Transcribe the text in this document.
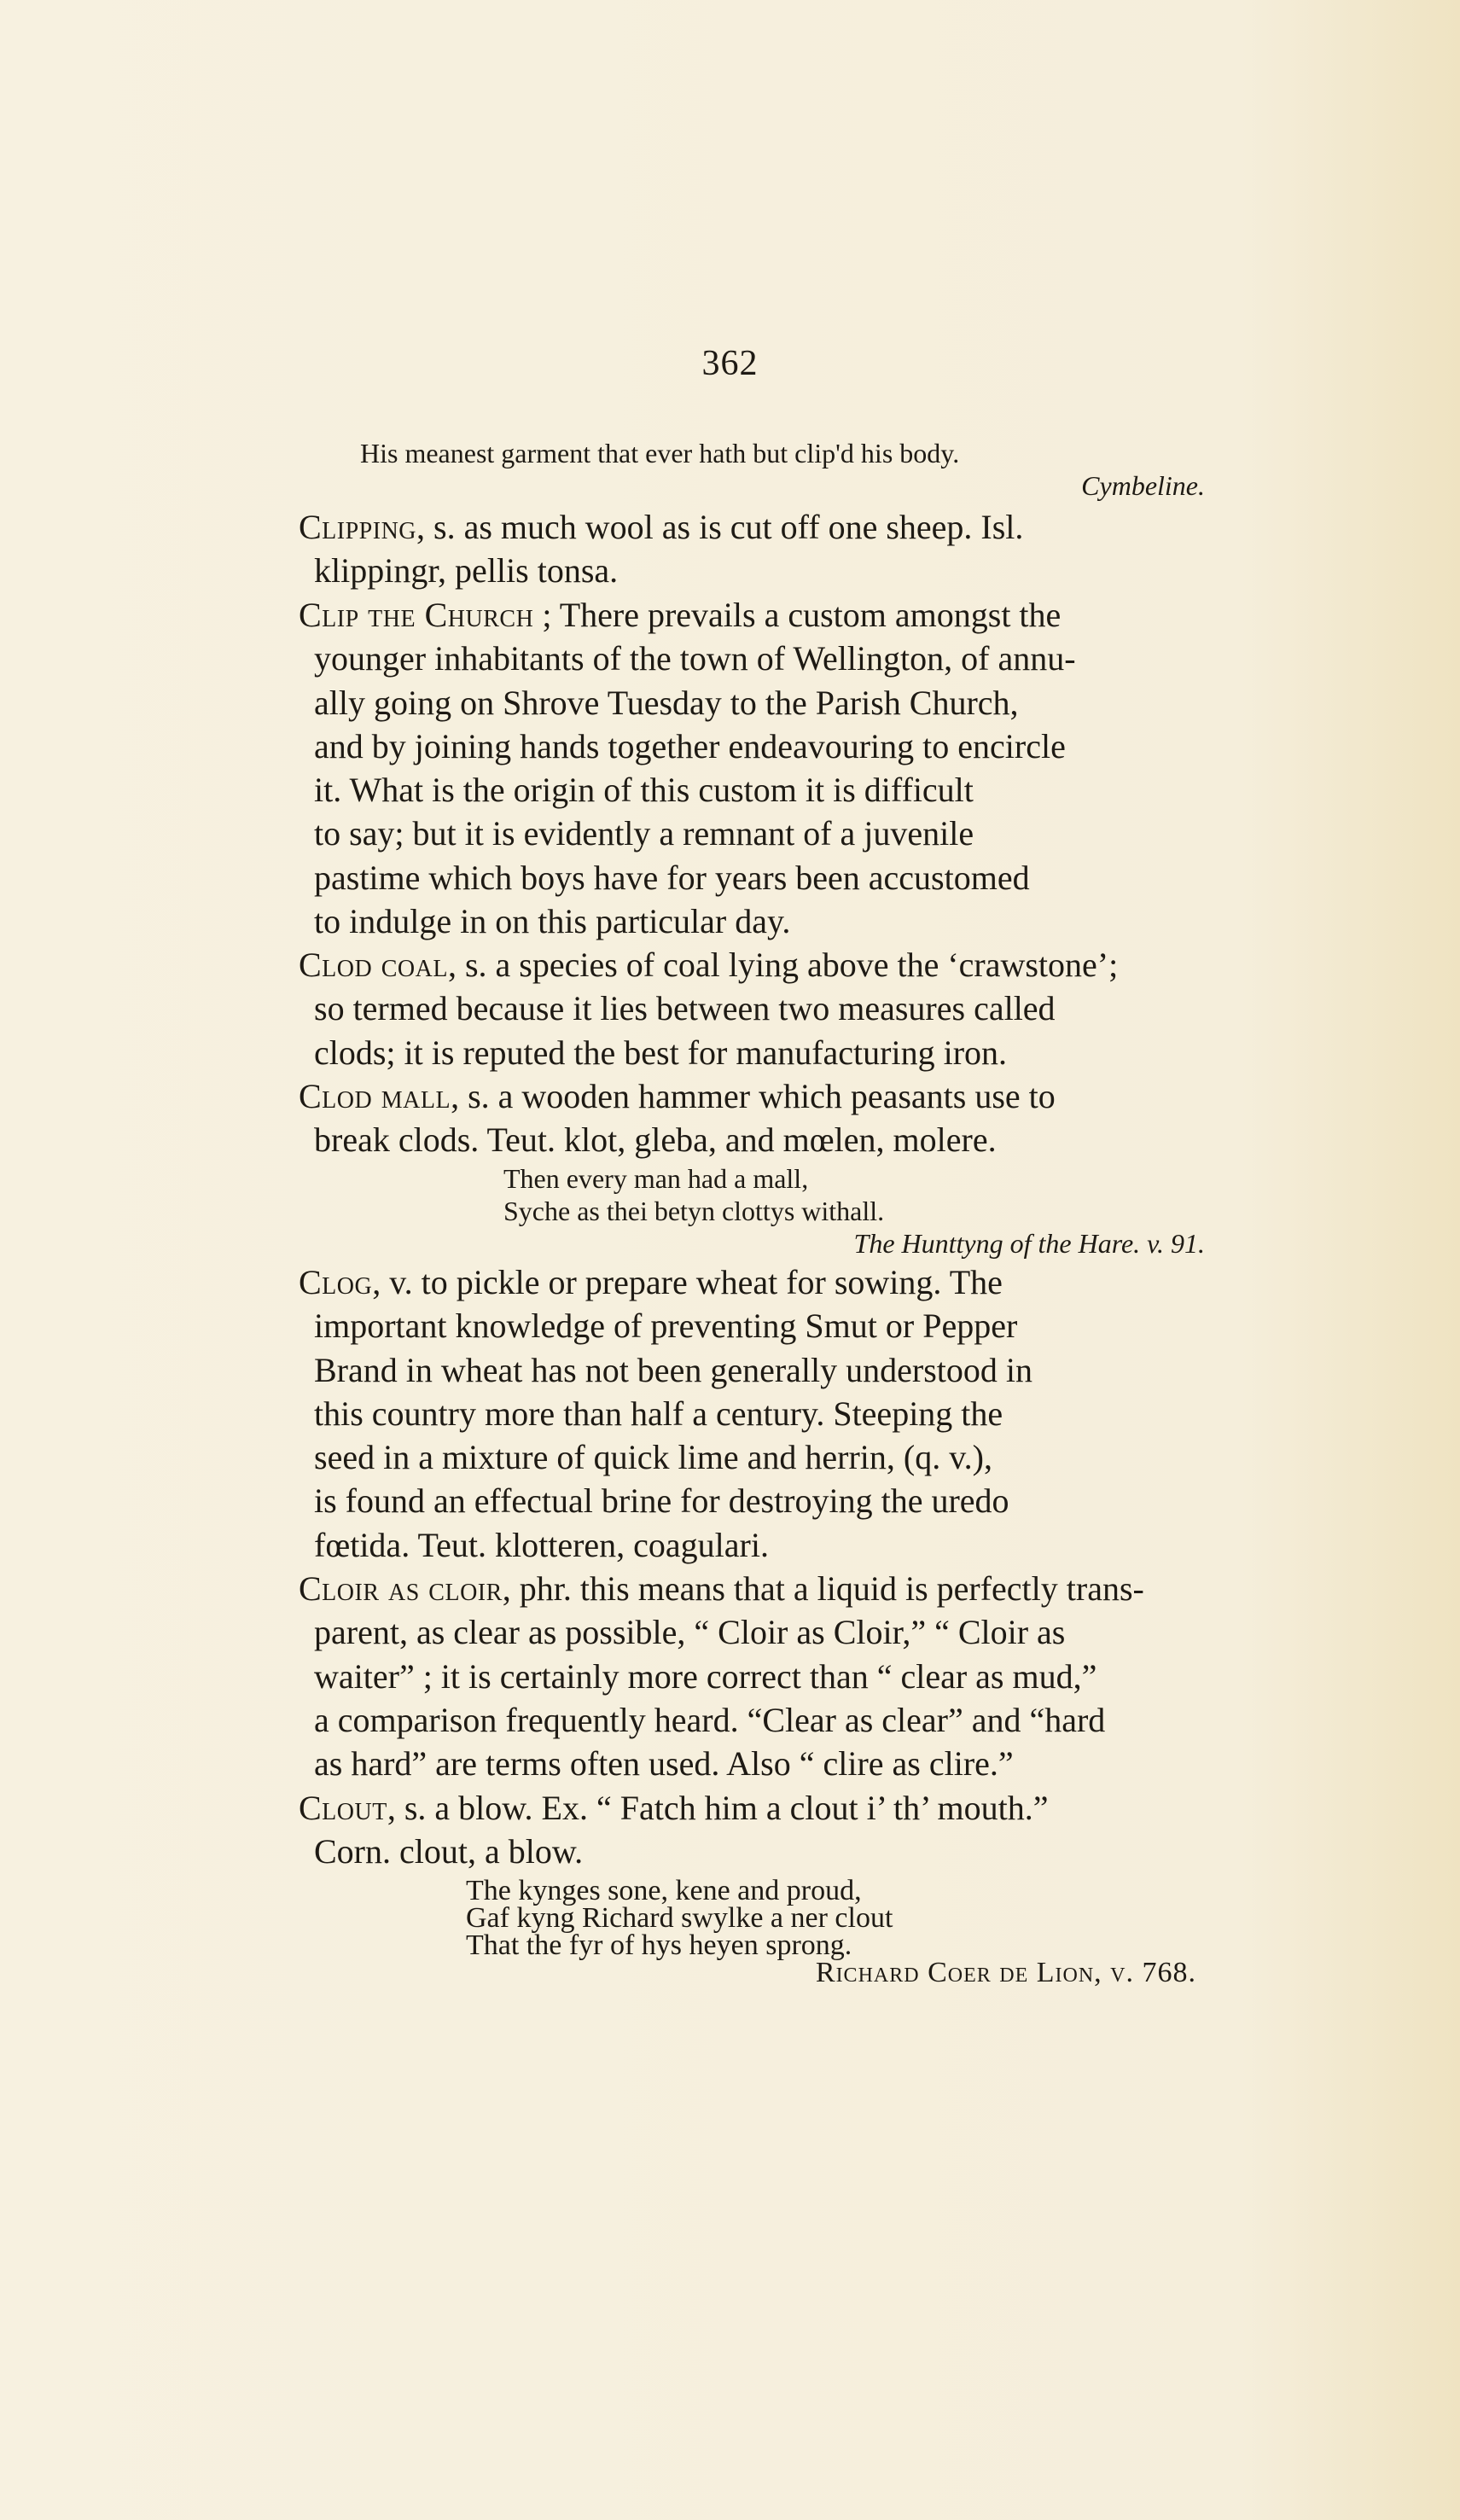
362
His meanest garment that ever hath but clip'd his body.
Cymbeline.
Clipping, s. as much wool as is cut off one sheep. Isl.
klippingr, pellis tonsa.
Clip the Church ; There prevails a custom amongst the
younger inhabitants of the town of Wellington, of annu-
ally going on Shrove Tuesday to the Parish Church,
and by joining hands together endeavouring to encircle
it. What is the origin of this custom it is difficult
to say; but it is evidently a remnant of a juvenile
pastime which boys have for years been accustomed
to indulge in on this particular day.
Clod coal, s. a species of coal lying above the ‘crawstone’;
so termed because it lies between two measures called
clods; it is reputed the best for manufacturing iron.
Clod mall, s. a wooden hammer which peasants use to
break clods. Teut. klot, gleba, and mœlen, molere.
Then every man had a mall,
Syche as thei betyn clottys withall.
The Hunttyng of the Hare. v. 91.
Clog, v. to pickle or prepare wheat for sowing. The
important knowledge of preventing Smut or Pepper
Brand in wheat has not been generally understood in
this country more than half a century. Steeping the
seed in a mixture of quick lime and herrin, (q. v.),
is found an effectual brine for destroying the uredo
fœtida. Teut. klotteren, coagulari.
Cloir as cloir, phr. this means that a liquid is perfectly trans-
parent, as clear as possible, “ Cloir as Cloir,” “ Cloir as
waiter” ; it is certainly more correct than “ clear as mud,”
a comparison frequently heard. “Clear as clear” and “hard
as hard” are terms often used. Also “ clire as clire.”
Clout, s. a blow. Ex. “ Fatch him a clout i’ th’ mouth.”
Corn. clout, a blow.
The kynges sone, kene and proud,
Gaf kyng Richard swylke a ner clout
That the fyr of hys heyen sprong.
Richard Coer de Lion, v. 768.
